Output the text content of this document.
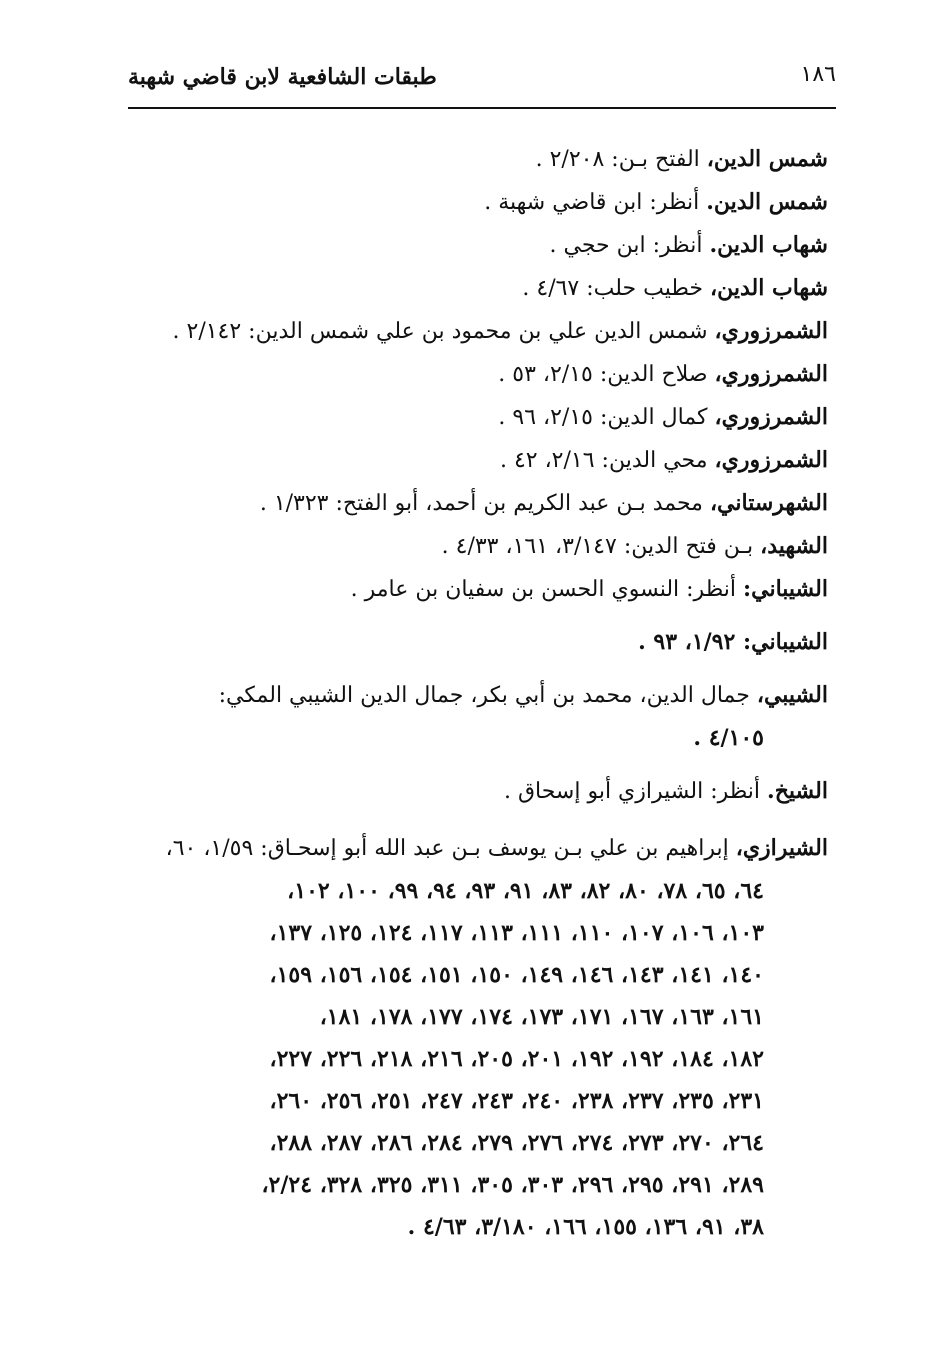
١٨٦
طبقات الشافعية لابن قاضي شهبة

شمس الدين، الفتح بـن: ٢/٢٠٨ .

شمس الدين. أنظر: ابن قاضي شهبة .

شهاب الدين. أنظر: ابن حجي .

شهاب الدين، خطيب حلب: ٤/٦٧ .

الشمرزوري، شمس الدين علي بن محمود بن علي شمس الدين: ٢/١٤٢ .

الشمرزوري، صلاح الدين: ٢/١٥، ٥٣ .

الشمرزوري، كمال الدين: ٢/١٥، ٩٦ .

الشمرزوري، محي الدين: ٢/١٦، ٤٢ .

الشهرستاني، محمد بـن عبد الكريم بن أحمد، أبو الفتح: ١/٣٢٣ .

الشهيد، بـن فتح الدين: ٣/١٤٧، ١٦١، ٤/٣٣ .

الشيباني: أنظر: النسوي الحسن بن سفيان بن عامر .

الشيباني: ١/٩٢، ٩٣ .

الشيبي، جمال الدين، محمد بن أبي بكر، جمال الدين الشيبي المكي:
٤/١٠٥ .

الشيخ. أنظر: الشيرازي أبو إسحاق .

الشيرازي، إبراهيم بن علي بـن يوسف بـن عبد الله أبو إسحـاق: ١/٥٩، ٦٠،
٦٤، ٦٥، ٧٨، ٨٠، ٨٢، ٨٣، ٩١، ٩٣، ٩٤، ٩٩، ١٠٠، ١٠٢،
١٠٣، ١٠٦، ١٠٧، ١١٠، ١١١، ١١٣، ١١٧، ١٢٤، ١٢٥، ١٣٧،
١٤٠، ١٤١، ١٤٣، ١٤٦، ١٤٩، ١٥٠، ١٥١، ١٥٤، ١٥٦، ١٥٩،
١٦١، ١٦٣، ١٦٧، ١٧١، ١٧٣، ١٧٤، ١٧٧، ١٧٨، ١٨١،
١٨٢، ١٨٤، ١٩٢، ١٩٢، ٢٠١، ٢٠٥، ٢١٦، ٢١٨، ٢٢٦، ٢٢٧،
٢٣١، ٢٣٥، ٢٣٧، ٢٣٨، ٢٤٠، ٢٤٣، ٢٤٧، ٢٥١، ٢٥٦، ٢٦٠،
٢٦٤، ٢٧٠، ٢٧٣، ٢٧٤، ٢٧٦، ٢٧٩، ٢٨٤، ٢٨٦، ٢٨٧، ٢٨٨،
٢٨٩، ٢٩١، ٢٩٥، ٢٩٦، ٣٠٣، ٣٠٥، ٣١١، ٣٢٥، ٣٢٨، ٢/٢٤،
٣٨، ٩١، ١٣٦، ١٥٥، ١٦٦، ٣/١٨٠، ٤/٦٣ .
